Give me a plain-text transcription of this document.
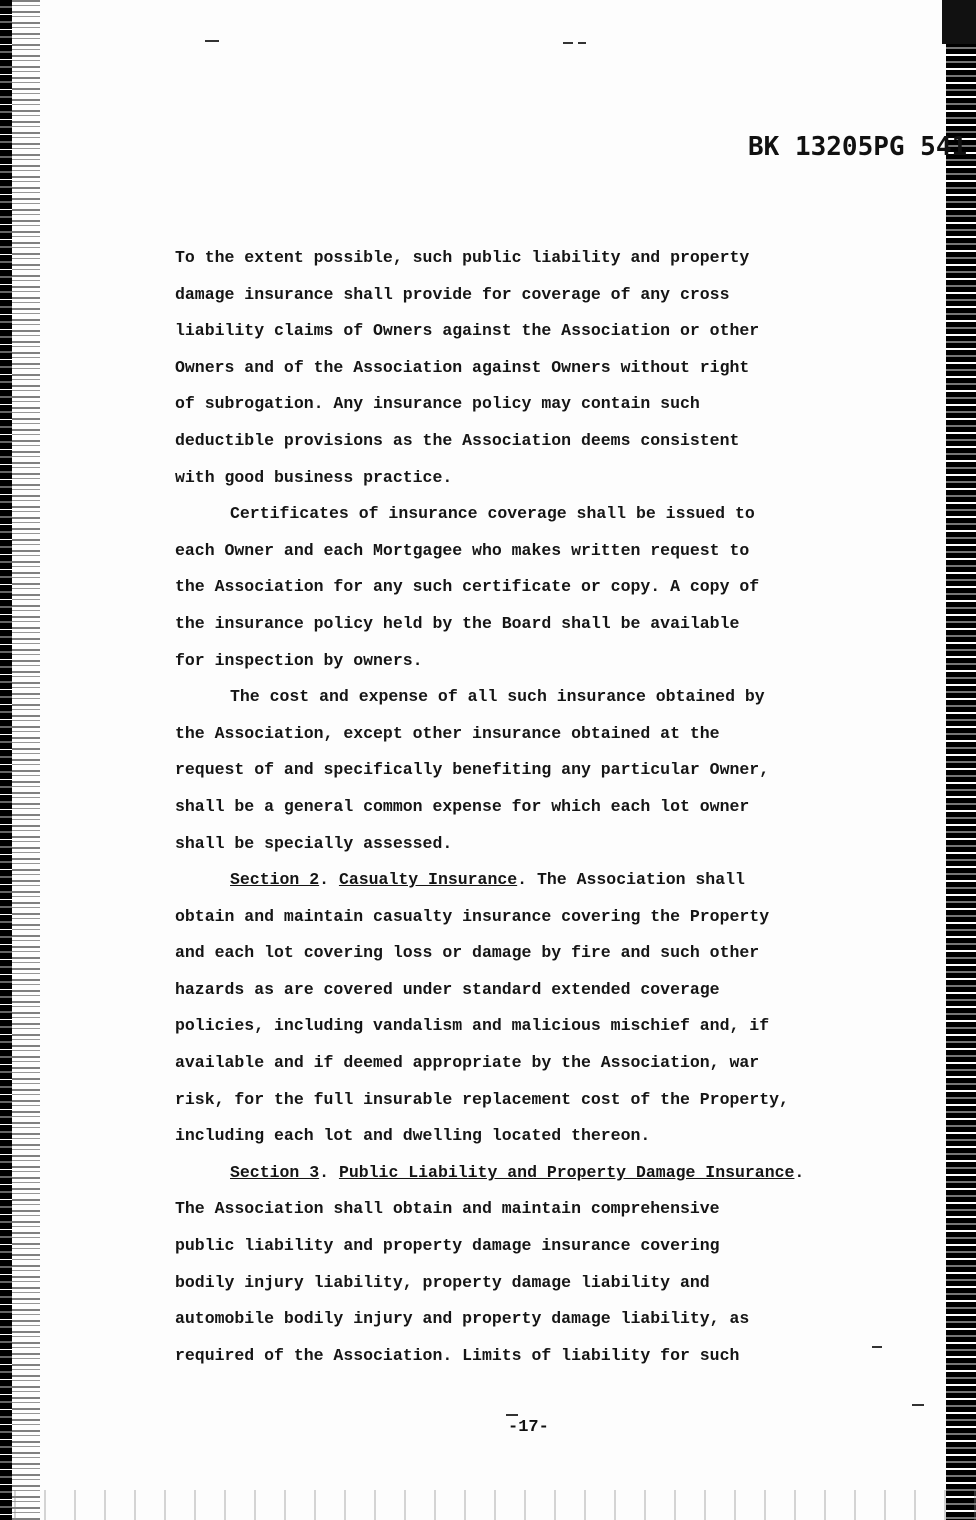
BK 13205PG 541
To the extent possible, such public liability and property
damage insurance shall provide for coverage of any cross
liability claims of Owners against the Association or other
Owners and of the Association against Owners without right
of subrogation. Any insurance policy may contain such
deductible provisions as the Association deems consistent
with good business practice.
Certificates of insurance coverage shall be issued to
each Owner and each Mortgagee who makes written request to
the Association for any such certificate or copy. A copy of
the insurance policy held by the Board shall be available
for inspection by owners.
The cost and expense of all such insurance obtained by
the Association, except other insurance obtained at the
request of and specifically benefiting any particular Owner,
shall be a general common expense for which each lot owner
shall be specially assessed.
Section 2. Casualty Insurance. The Association shall
obtain and maintain casualty insurance covering the Property
and each lot covering loss or damage by fire and such other
hazards as are covered under standard extended coverage
policies, including vandalism and malicious mischief and, if
available and if deemed appropriate by the Association, war
risk, for the full insurable replacement cost of the Property,
including each lot and dwelling located thereon.
Section 3. Public Liability and Property Damage Insurance.
The Association shall obtain and maintain comprehensive
public liability and property damage insurance covering
bodily injury liability, property damage liability and
automobile bodily injury and property damage liability, as
required of the Association. Limits of liability for such
-17-
